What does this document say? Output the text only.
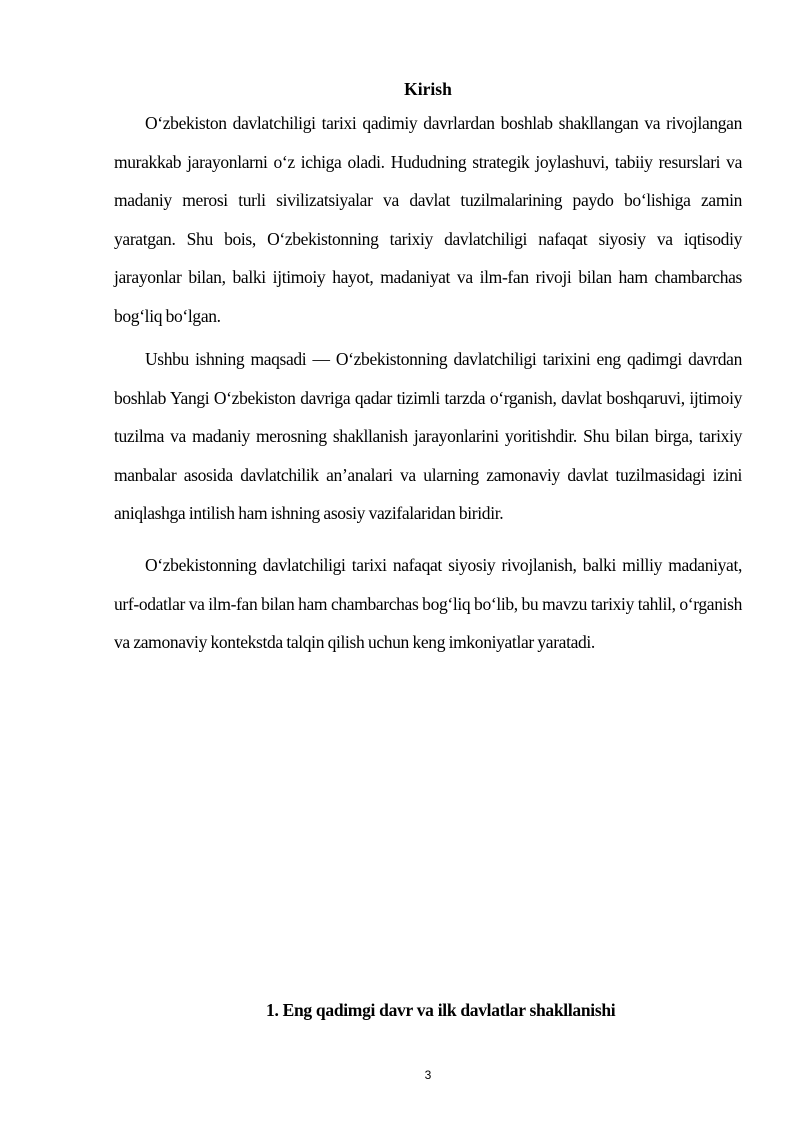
Kirish

O‘zbekiston davlatchiligi tarixi qadimiy davrlardan boshlab shakllangan va rivojlangan murakkab jarayonlarni o‘z ichiga oladi. Hududning strategik joylashuvi, tabiiy resurslari va madaniy merosi turli sivilizatsiyalar va davlat tuzilmalarining paydo bo‘lishiga zamin yaratgan. Shu bois, O‘zbekistonning tarixiy davlatchiligi nafaqat siyosiy va iqtisodiy jarayonlar bilan, balki ijtimoiy hayot, madaniyat va ilm-fan rivoji bilan ham chambarchas bog‘liq bo‘lgan.

Ushbu ishning maqsadi — O‘zbekistonning davlatchiligi tarixini eng qadimgi davrdan boshlab Yangi O‘zbekiston davriga qadar tizimli tarzda o‘rganish, davlat boshqaruvi, ijtimoiy tuzilma va madaniy merosning shakllanish jarayonlarini yoritishdir. Shu bilan birga, tarixiy manbalar asosida davlatchilik an’analari va ularning zamonaviy davlat tuzilmasidagi izini aniqlashga intilish ham ishning asosiy vazifalaridan biridir.

O‘zbekistonning davlatchiligi tarixi nafaqat siyosiy rivojlanish, balki milliy madaniyat, urf-odatlar va ilm-fan bilan ham chambarchas bog‘liq bo‘lib, bu mavzu tarixiy tahlil, o‘rganish va zamonaviy kontekstda talqin qilish uchun keng imkoniyatlar yaratadi.

1. Eng qadimgi davr va ilk davlatlar shakllanishi
3
